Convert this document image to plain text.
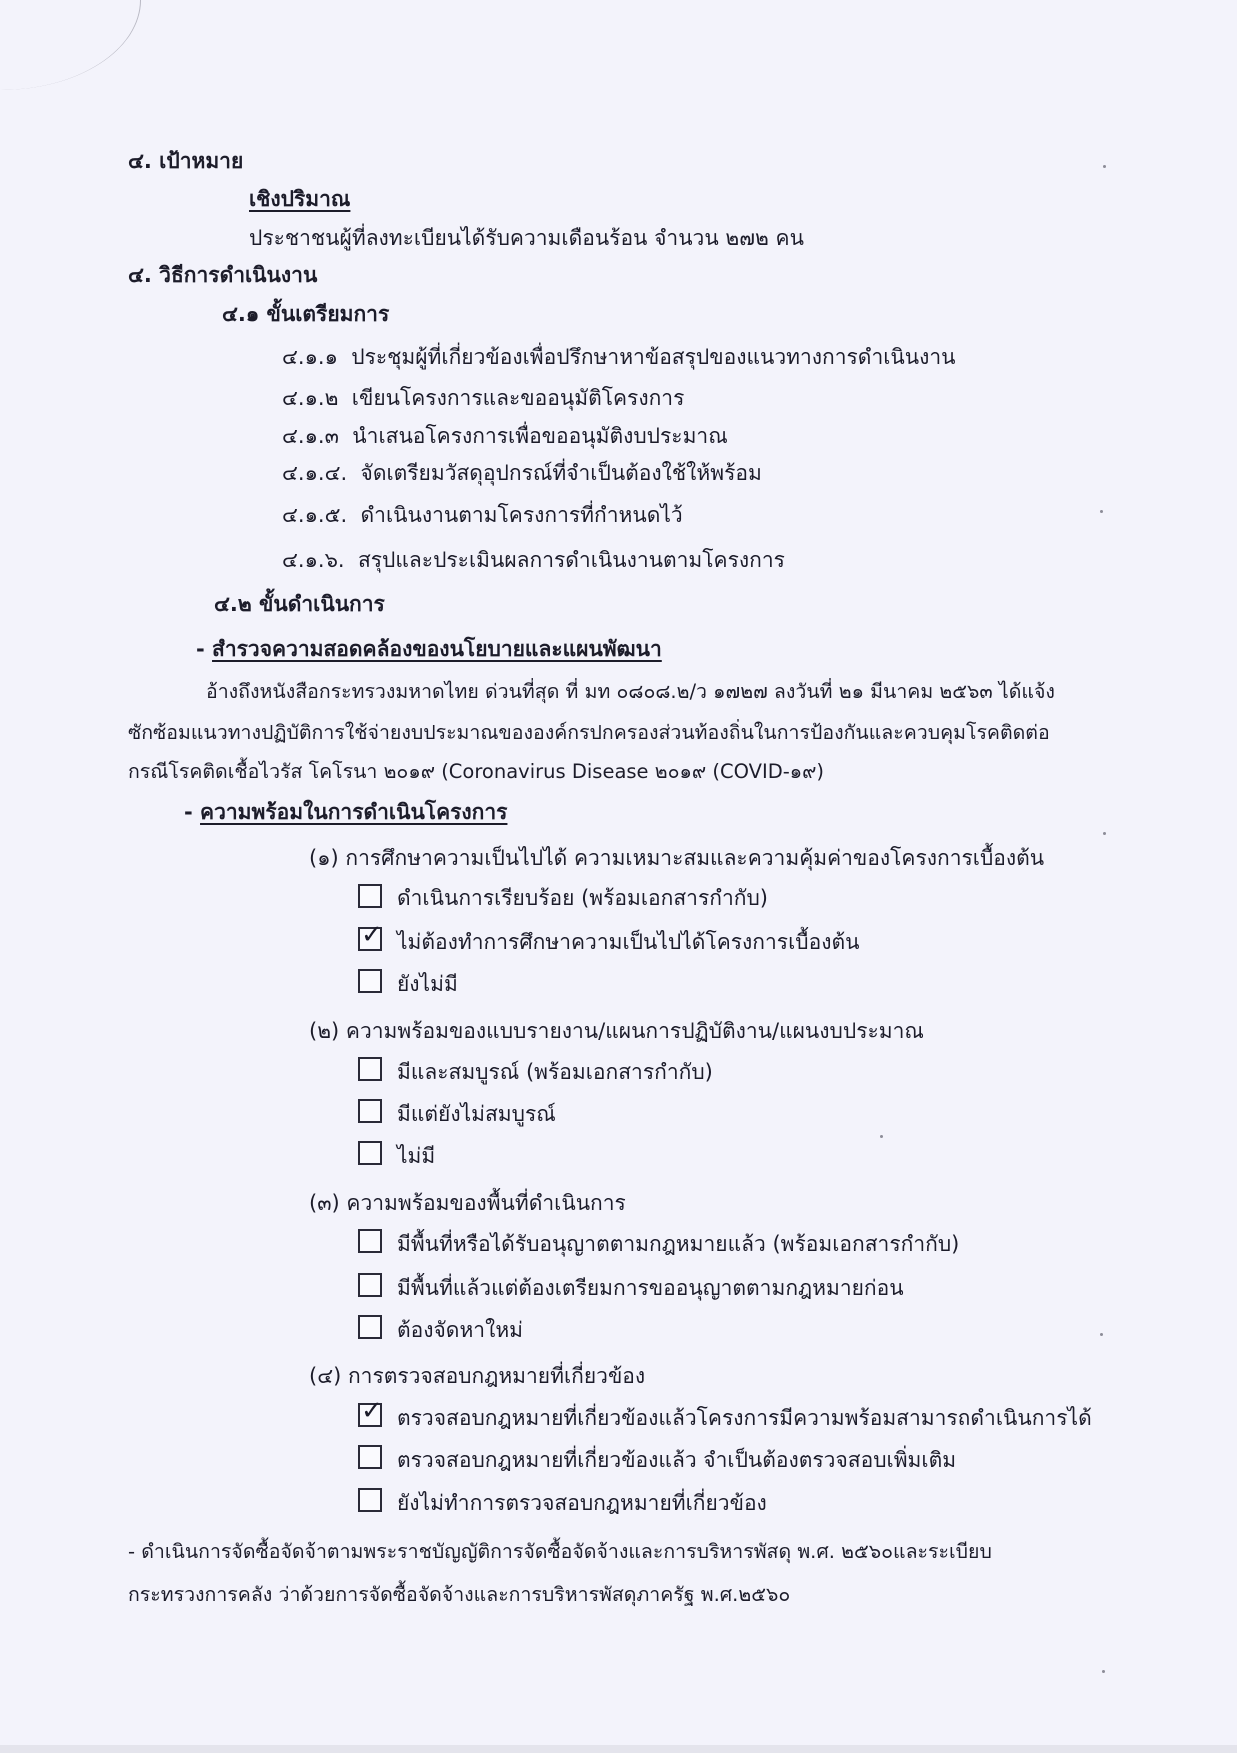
๔. เป้าหมาย
เชิงปริมาณ
ประชาชนผู้ที่ลงทะเบียนได้รับความเดือนร้อน จำนวน ๒๗๒ คน
๔. วิธีการดำเนินงาน
๔.๑ ขั้นเตรียมการ
๔.๑.๑ ประชุมผู้ที่เกี่ยวข้องเพื่อปรึกษาหาข้อสรุปของแนวทางการดำเนินงาน
๔.๑.๒ เขียนโครงการและขออนุมัติโครงการ
๔.๑.๓ นำเสนอโครงการเพื่อขออนุมัติงบประมาณ
๔.๑.๔. จัดเตรียมวัสดุอุปกรณ์ที่จำเป็นต้องใช้ให้พร้อม
๔.๑.๕. ดำเนินงานตามโครงการที่กำหนดไว้
๔.๑.๖. สรุปและประเมินผลการดำเนินงานตามโครงการ
๔.๒ ขั้นดำเนินการ
- สำรวจความสอดคล้องของนโยบายและแผนพัฒนา
อ้างถึงหนังสือกระทรวงมหาดไทย ด่วนที่สุด ที่ มท ๐๘๐๘.๒/ว ๑๗๒๗ ลงวันที่ ๒๑ มีนาคม ๒๕๖๓ ได้แจ้ง
ซักซ้อมแนวทางปฏิบัติการใช้จ่ายงบประมาณขององค์กรปกครองส่วนท้องถิ่นในการป้องกันและควบคุมโรคติดต่อ
กรณีโรคติดเชื้อไวรัส โคโรนา ๒๐๑๙ (Coronavirus Disease ๒๐๑๙ (COVID-๑๙)
- ความพร้อมในการดำเนินโครงการ
(๑) การศึกษาความเป็นไปได้ ความเหมาะสมและความคุ้มค่าของโครงการเบื้องต้น
ดำเนินการเรียบร้อย (พร้อมเอกสารกำกับ)
✓ ไม่ต้องทำการศึกษาความเป็นไปได้โครงการเบื้องต้น
ยังไม่มี
(๒) ความพร้อมของแบบรายงาน/แผนการปฏิบัติงาน/แผนงบประมาณ
มีและสมบูรณ์ (พร้อมเอกสารกำกับ)
มีแต่ยังไม่สมบูรณ์
ไม่มี
(๓) ความพร้อมของพื้นที่ดำเนินการ
มีพื้นที่หรือได้รับอนุญาตตามกฎหมายแล้ว (พร้อมเอกสารกำกับ)
มีพื้นที่แล้วแต่ต้องเตรียมการขออนุญาตตามกฎหมายก่อน
ต้องจัดหาใหม่
(๔) การตรวจสอบกฎหมายที่เกี่ยวข้อง
✓ ตรวจสอบกฎหมายที่เกี่ยวข้องแล้วโครงการมีความพร้อมสามารถดำเนินการได้
ตรวจสอบกฎหมายที่เกี่ยวข้องแล้ว จำเป็นต้องตรวจสอบเพิ่มเติม
ยังไม่ทำการตรวจสอบกฎหมายที่เกี่ยวข้อง
- ดำเนินการจัดซื้อจัดจ้าตามพระราชบัญญัติการจัดซื้อจัดจ้างและการบริหารพัสดุ พ.ศ. ๒๕๖๐และระเบียบ
กระทรวงการคลัง ว่าด้วยการจัดซื้อจัดจ้างและการบริหารพัสดุภาครัฐ พ.ศ.๒๕๖๐
